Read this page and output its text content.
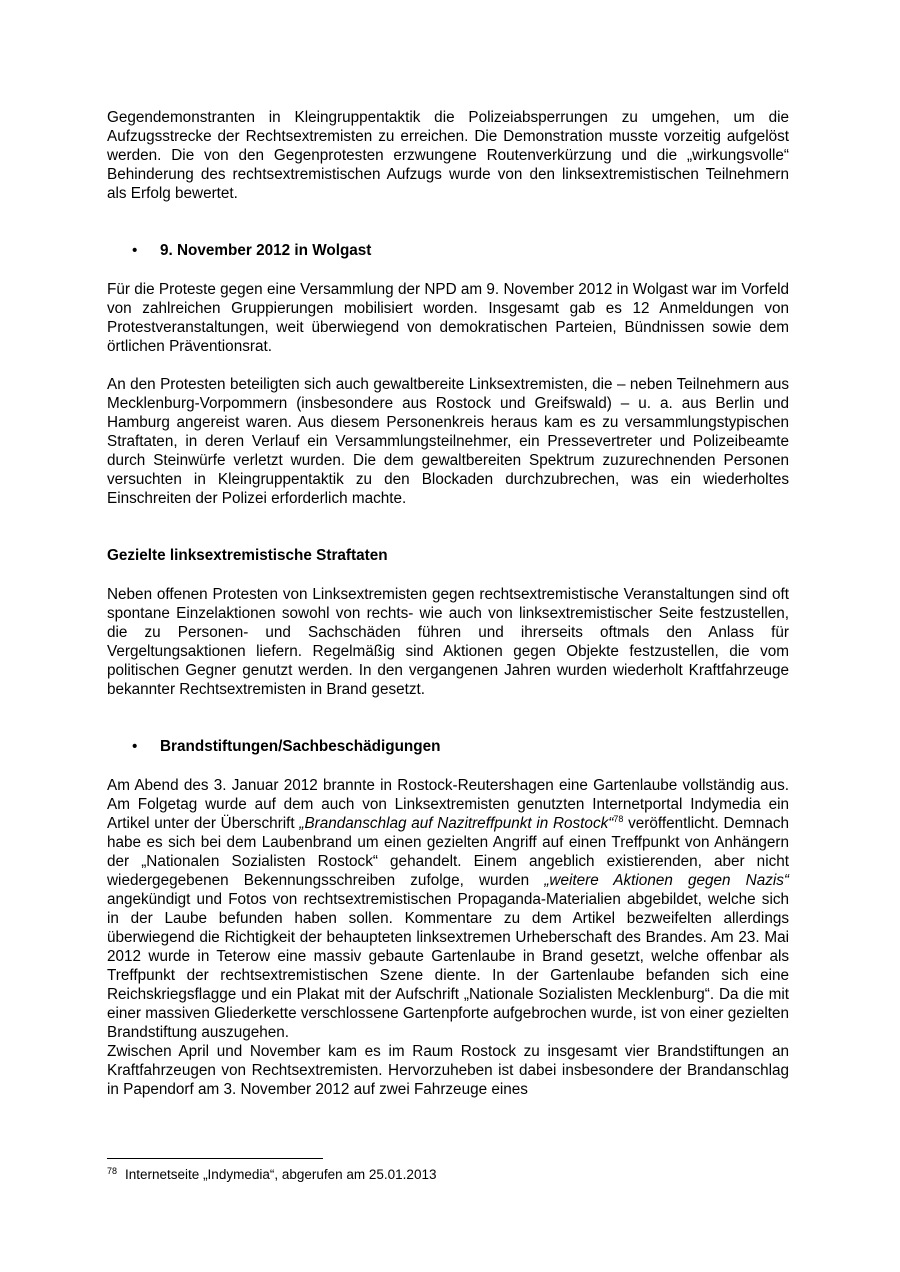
Gegendemonstranten in Kleingruppentaktik die Polizeiabsperrungen zu umgehen, um die Aufzugsstrecke der Rechtsextremisten zu erreichen. Die Demonstration musste vorzeitig aufgelöst werden. Die von den Gegenprotesten erzwungene Routenverkürzung und die „wirkungsvolle“ Behinderung des rechtsextremistischen Aufzugs wurde von den linksextremistischen Teilnehmern als Erfolg bewertet.

• 9. November 2012 in Wolgast

Für die Proteste gegen eine Versammlung der NPD am 9. November 2012 in Wolgast war im Vorfeld von zahlreichen Gruppierungen mobilisiert worden. Insgesamt gab es 12 Anmeldungen von Protestveranstaltungen, weit überwiegend von demokratischen Parteien, Bündnissen sowie dem örtlichen Präventionsrat.

An den Protesten beteiligten sich auch gewaltbereite Linksextremisten, die – neben Teilnehmern aus Mecklenburg-Vorpommern (insbesondere aus Rostock und Greifswald) – u. a. aus Berlin und Hamburg angereist waren. Aus diesem Personenkreis heraus kam es zu versammlungstypischen Straftaten, in deren Verlauf ein Versammlungsteilnehmer, ein Pressevertreter und Polizeibeamte durch Steinwürfe verletzt wurden. Die dem gewaltbereiten Spektrum zuzurechnenden Personen versuchten in Kleingruppentaktik zu den Blockaden durchzubrechen, was ein wiederholtes Einschreiten der Polizei erforderlich machte.

Gezielte linksextremistische Straftaten

Neben offenen Protesten von Linksextremisten gegen rechtsextremistische Veranstaltungen sind oft spontane Einzelaktionen sowohl von rechts- wie auch von linksextremistischer Seite festzustellen, die zu Personen- und Sachschäden führen und ihrerseits oftmals den Anlass für Vergeltungsaktionen liefern. Regelmäßig sind Aktionen gegen Objekte festzustellen, die vom politischen Gegner genutzt werden. In den vergangenen Jahren wurden wiederholt Kraftfahrzeuge bekannter Rechtsextremisten in Brand gesetzt.

• Brandstiftungen/Sachbeschädigungen

Am Abend des 3. Januar 2012 brannte in Rostock-Reutershagen eine Gartenlaube vollständig aus. Am Folgetag wurde auf dem auch von Linksextremisten genutzten Internetportal Indymedia ein Artikel unter der Überschrift „Brandanschlag auf Nazitreffpunkt in Rostock“$^{78}$ veröffentlicht. Demnach habe es sich bei dem Laubenbrand um einen gezielten Angriff auf einen Treffpunkt von Anhängern der „Nationalen Sozialisten Rostock“ gehandelt. Einem angeblich existierenden, aber nicht wiedergegebenen Bekennungsschreiben zufolge, wurden „weitere Aktionen gegen Nazis“ angekündigt und Fotos von rechtsextremistischen Propaganda-Materialien abgebildet, welche sich in der Laube befunden haben sollen. Kommentare zu dem Artikel bezweifelten allerdings überwiegend die Richtigkeit der behaupteten linksextremen Urheberschaft des Brandes. Am 23. Mai 2012 wurde in Teterow eine massiv gebaute Gartenlaube in Brand gesetzt, welche offenbar als Treffpunkt der rechtsextremistischen Szene diente. In der Gartenlaube befanden sich eine Reichskriegsflagge und ein Plakat mit der Aufschrift „Nationale Sozialisten Mecklenburg“. Da die mit einer massiven Gliederkette verschlossene Gartenpforte aufgebrochen wurde, ist von einer gezielten Brandstiftung auszugehen.

Zwischen April und November kam es im Raum Rostock zu insgesamt vier Brandstiftungen an Kraftfahrzeugen von Rechtsextremisten. Hervorzuheben ist dabei insbesondere der Brandanschlag in Papendorf am 3. November 2012 auf zwei Fahrzeuge eines

$^{78}$ Internetseite „Indymedia“, abgerufen am 25.01.2013
